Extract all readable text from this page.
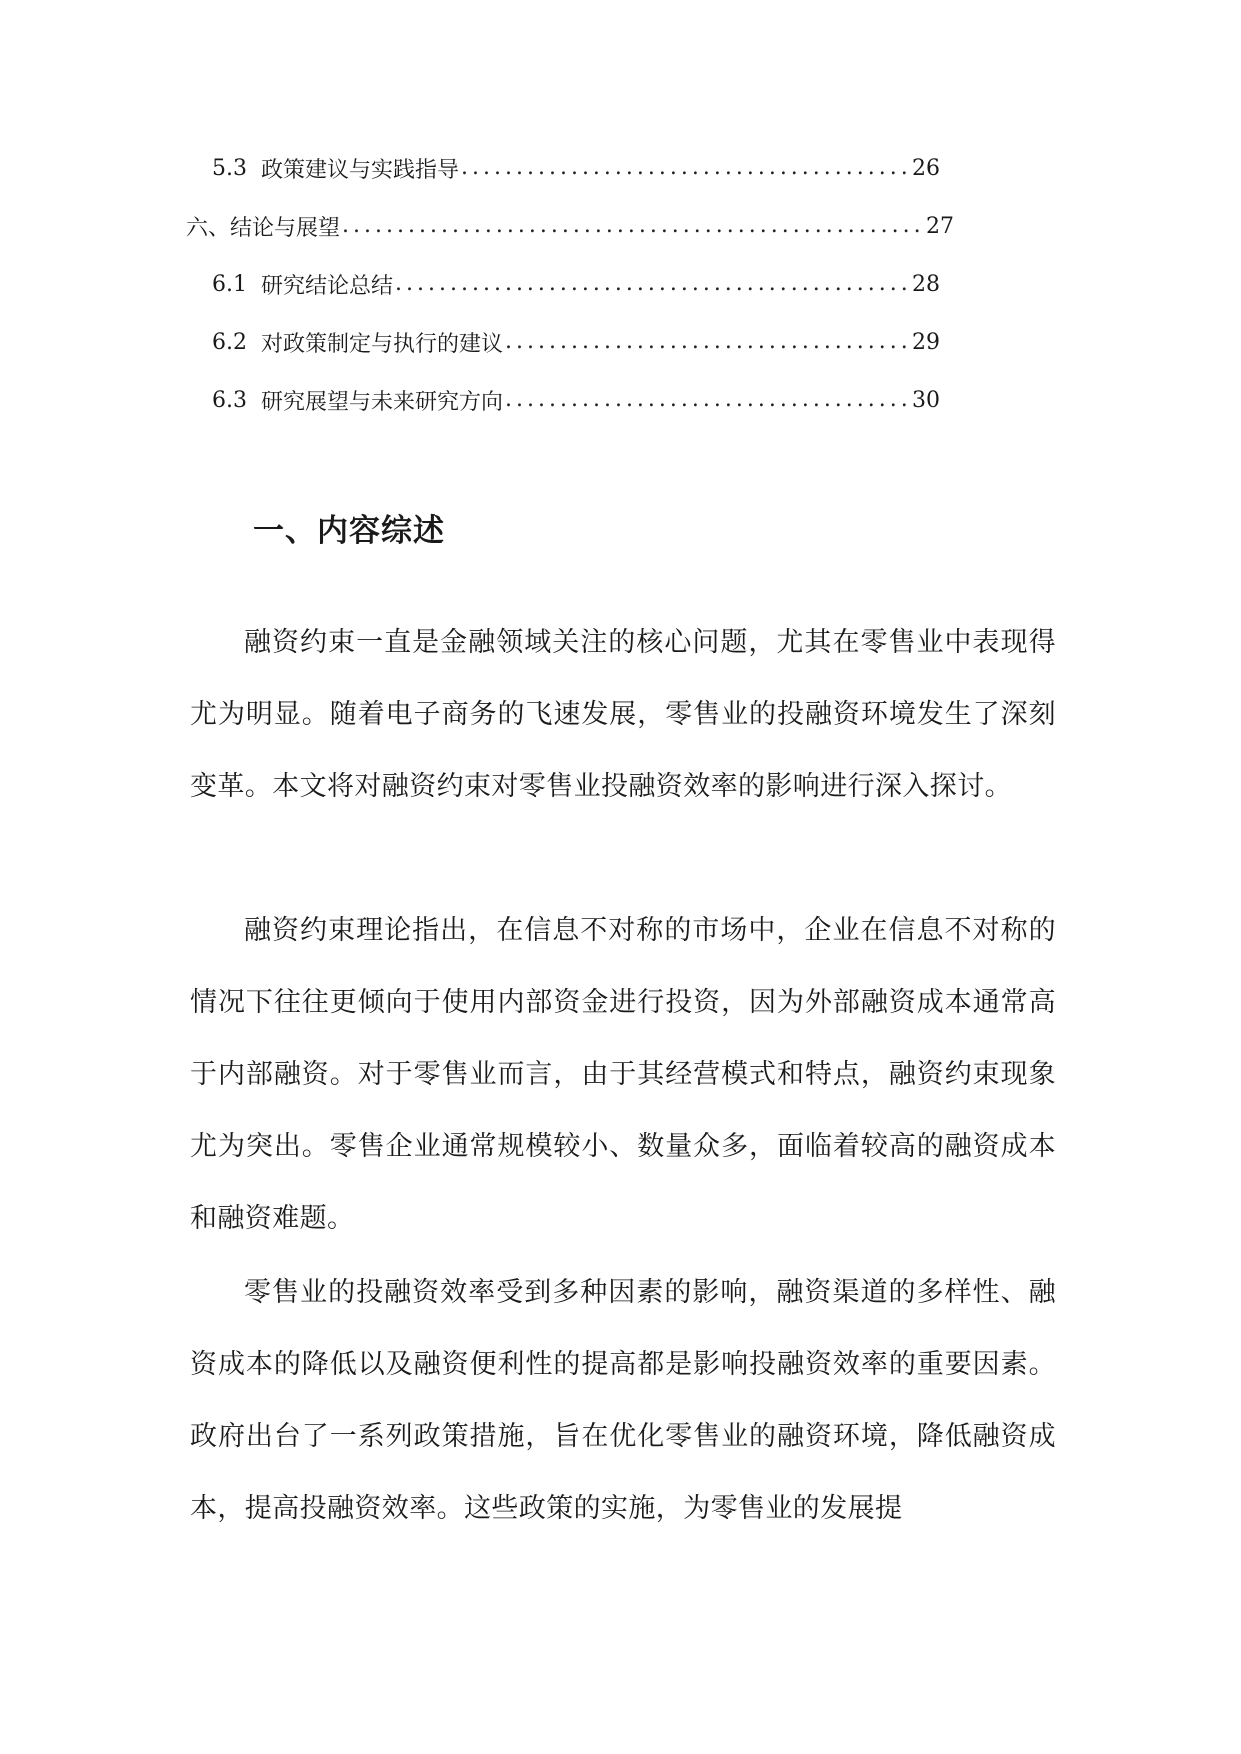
5.3 政策建议与实践指导 .....	26
六、结论与展望 .....	27
6.1 研究结论总结 .....	28
6.2 对政策制定与执行的建议 .....	29
6.3 研究展望与未来研究方向 .....	30
一、内容综述

融资约束一直是金融领域关注的核心问题，尤其在零售业中表现得尤为明显。随着电子商务的飞速发展，零售业的投融资环境发生了深刻变革。本文将对融资约束对零售业投融资效率的影响进行深入探讨。

融资约束理论指出，在信息不对称的市场中，企业在信息不对称的情况下往往更倾向于使用内部资金进行投资，因为外部融资成本通常高于内部融资。对于零售业而言，由于其经营模式和特点，融资约束现象尤为突出。零售企业通常规模较小、数量众多，面临着较高的融资成本和融资难题。

零售业的投融资效率受到多种因素的影响，融资渠道的多样性、融资成本的降低以及融资便利性的提高都是影响投融资效率的重要因素。政府出台了一系列政策措施，旨在优化零售业的融资环境，降低融资成本，提高投融资效率。这些政策的实施，为零售业的发展提
